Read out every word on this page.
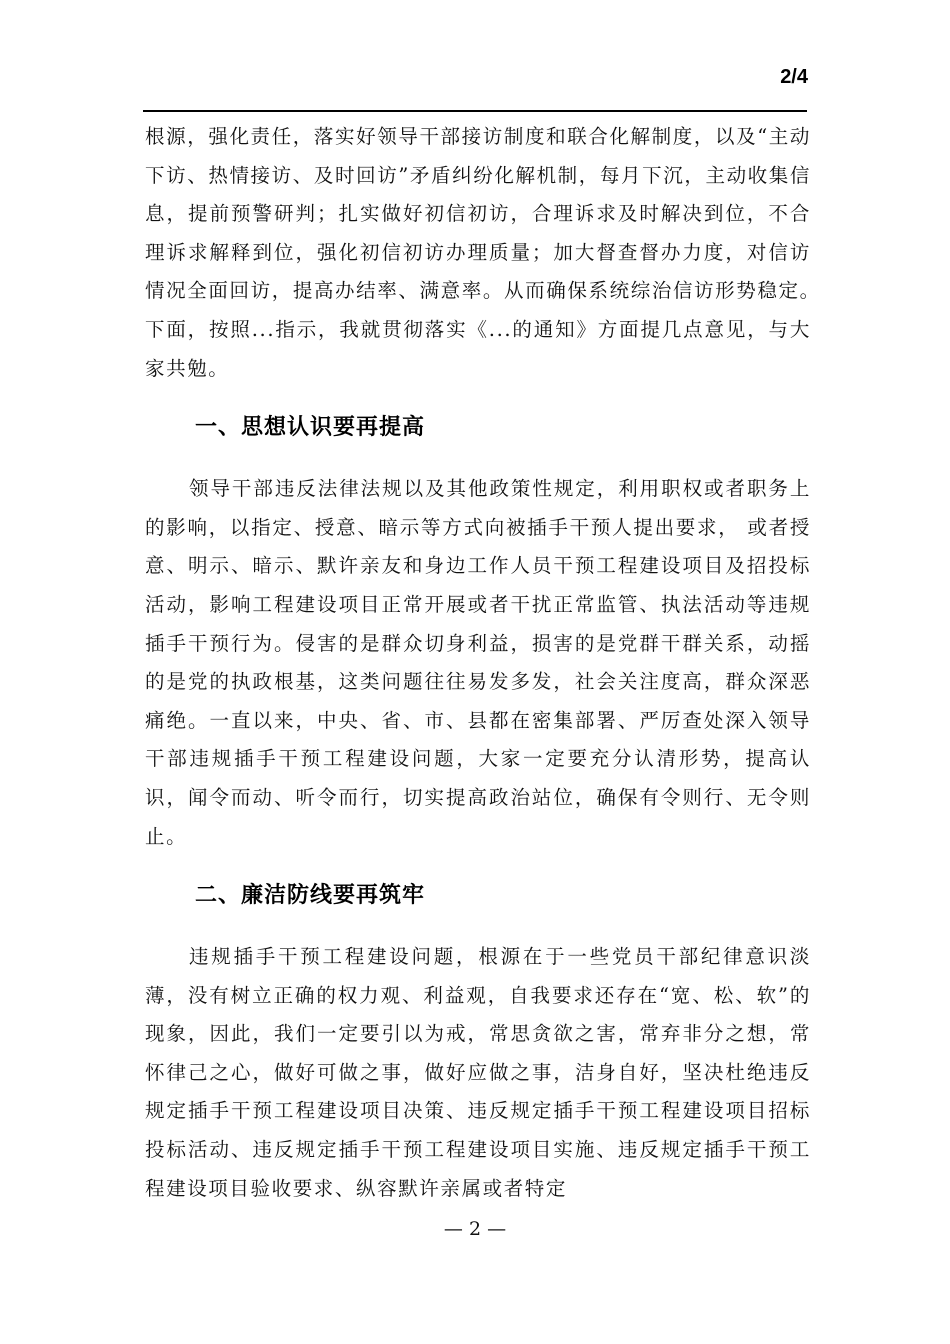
2/4

根源，强化责任，落实好领导干部接访制度和联合化解制度，以及“主动下访、热情接访、及时回访”矛盾纠纷化解机制，每月下沉，主动收集信息，提前预警研判；扎实做好初信初访，合理诉求及时解决到位，不合理诉求解释到位，强化初信初访办理质量；加大督查督办力度，对信访情况全面回访，提高办结率、满意率。从而确保系统综治信访形势稳定。　下面，按照...指示，我就贯彻落实《...的通知》方面提几点意见，与大家共勉。

一、思想认识要再提高

领导干部违反法律法规以及其他政策性规定，利用职权或者职务上的影响，以指定、授意、暗示等方式向被插手干预人提出要求， 或者授意、明示、暗示、默许亲友和身边工作人员干预工程建设项目及招投标活动，影响工程建设项目正常开展或者干扰正常监管、执法活动等违规插手干预行为。侵害的是群众切身利益，损害的是党群干群关系，动摇的是党的执政根基，这类问题往往易发多发，社会关注度高，群众深恶痛绝。一直以来，中央、省、市、县都在密集部署、严厉查处深入领导干部违规插手干预工程建设问题，大家一定要充分认清形势，提高认识，闻令而动、听令而行，切实提高政治站位，确保有令则行、无令则止。

二、廉洁防线要再筑牢

违规插手干预工程建设问题，根源在于一些党员干部纪律意识淡薄，没有树立正确的权力观、利益观，自我要求还存在“宽、松、软”的现象，因此，我们一定要引以为戒，常思贪欲之害，常弃非分之想，常怀律己之心，做好可做之事，做好应做之事，洁身自好，坚决杜绝违反规定插手干预工程建设项目决策、违反规定插手干预工程建设项目招标投标活动、违反规定插手干预工程建设项目实施、违反规定插手干预工程建设项目验收要求、纵容默许亲属或者特定

— 2 —
